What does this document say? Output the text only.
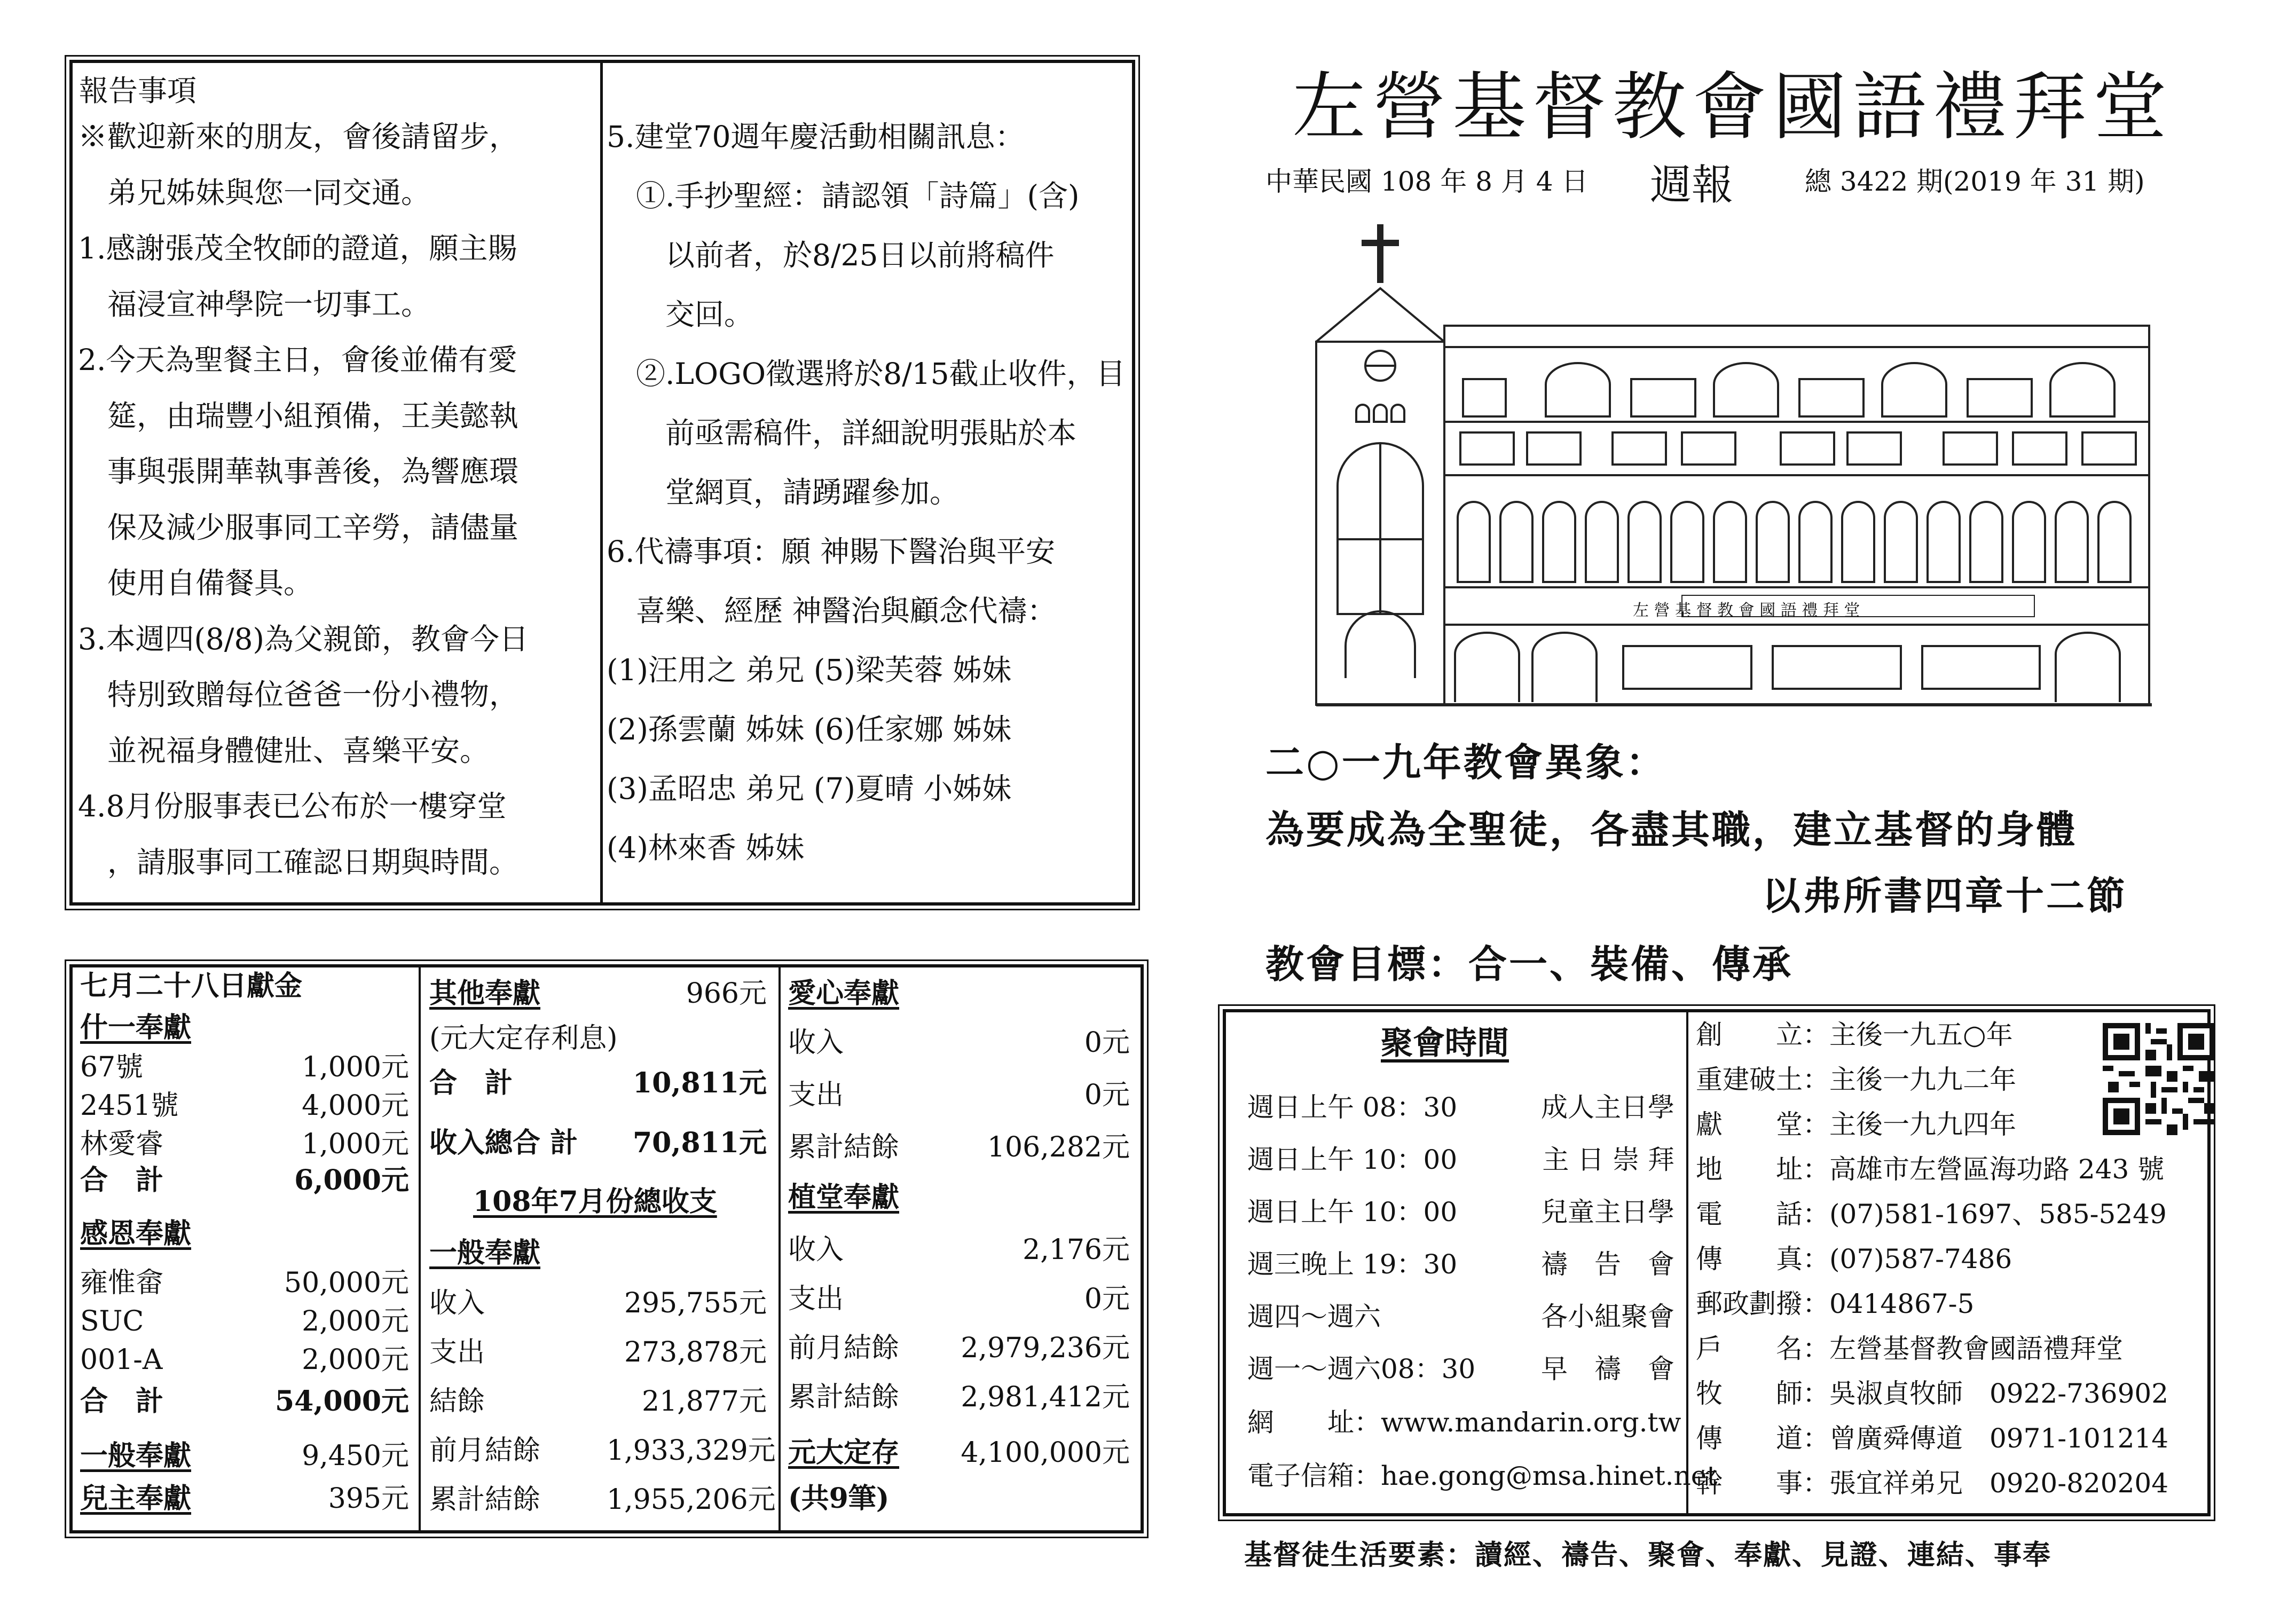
報告事項
※歡迎新來的朋友，會後請留步，
　弟兄姊妹與您一同交通。
1.感謝張茂全牧師的證道，願主賜
　福浸宣神學院一切事工。
2.今天為聖餐主日，會後並備有愛
　筵，由瑞豐小組預備，王美懿執
　事與張開華執事善後，為響應環
　保及減少服事同工辛勞，請儘量
　使用自備餐具。
3.本週四(8/8)為父親節，教會今日
　特別致贈每位爸爸一份小禮物，
　並祝福身體健壯、喜樂平安。
4.8月份服事表已公布於一樓穿堂
　，請服事同工確認日期與時間。
5.建堂70週年慶活動相關訊息：
　①.手抄聖經：請認領「詩篇」(含)
　　以前者，於8/25日以前將稿件
　　交回。
　②.LOGO徵選將於8/15截止收件，目
　　前亟需稿件，詳細說明張貼於本
　　堂網頁，請踴躍參加。
6.代禱事項：願 神賜下醫治與平安
　喜樂、經歷 神醫治與顧念代禱：
(1)汪用之 弟兄 (5)梁芙蓉 姊妹
(2)孫雲蘭 姊妹 (6)任家娜 姊妹
(3)孟昭忠 弟兄 (7)夏晴 小姊妹
(4)林來香 姊妹
七月二十八日獻金
什一奉獻
67號	1,000元
2451號	4,000元
林愛睿	1,000元
合　計	6,000元
感恩奉獻
雍惟畲	50,000元
SUC	2,000元
001-A	2,000元
合　計	54,000元
一般奉獻	9,450元
兒主奉獻	395元
其他奉獻	966元
(元大定存利息)
合　計	10,811元
收入總合 計	70,811元
108年7月份總收支
一般奉獻
收入	295,755元
支出	273,878元
結餘	21,877元
前月結餘 1,933,329元
累計結餘 1,955,206元
愛心奉獻
收入	0元
支出	0元
累計結餘	106,282元
植堂奉獻
收入	2,176元
支出	0元
前月結餘	2,979,236元
累計結餘	2,981,412元
元大定存	4,100,000元
(共9筆)
左營基督教會國語禮拜堂
中華民國 108 年 8 月 4 日 週報	總 3422 期(2019 年 31 期)
左 營 基 督 教 會 國 語 禮 拜 堂
二○一九年教會異象：
為要成為全聖徒，各盡其職，建立基督的身體
以弗所書四章十二節
教會目標：合一、裝備、傳承
聚會時間
週日上午 08：30	成人主日學
週日上午 10：00	主 日 崇 拜
週日上午 10：00	兒童主日學
週三晚上 19：30	禱　告　會
週四～週六	各小組聚會
週一～週六08：30	早　禱　會
網　　址：www.mandarin.org.tw
電子信箱：hae.gong@msa.hinet.net
創　　立：主後一九五○年
重建破土：主後一九九二年
獻　　堂：主後一九九四年
地　　址：高雄市左營區海功路 243 號
電　　話：(07)581-1697、585-5249
傳　　真：(07)587-7486
郵政劃撥：0414867-5
戶　　名：左營基督教會國語禮拜堂
牧　　師：吳淑貞牧師　0922-736902
傳　　道：曾廣舜傳道　0971-101214
幹　　事：張宜祥弟兄　0920-820204
基督徒生活要素：讀經、禱告、聚會、奉獻、見證、連結、事奉
